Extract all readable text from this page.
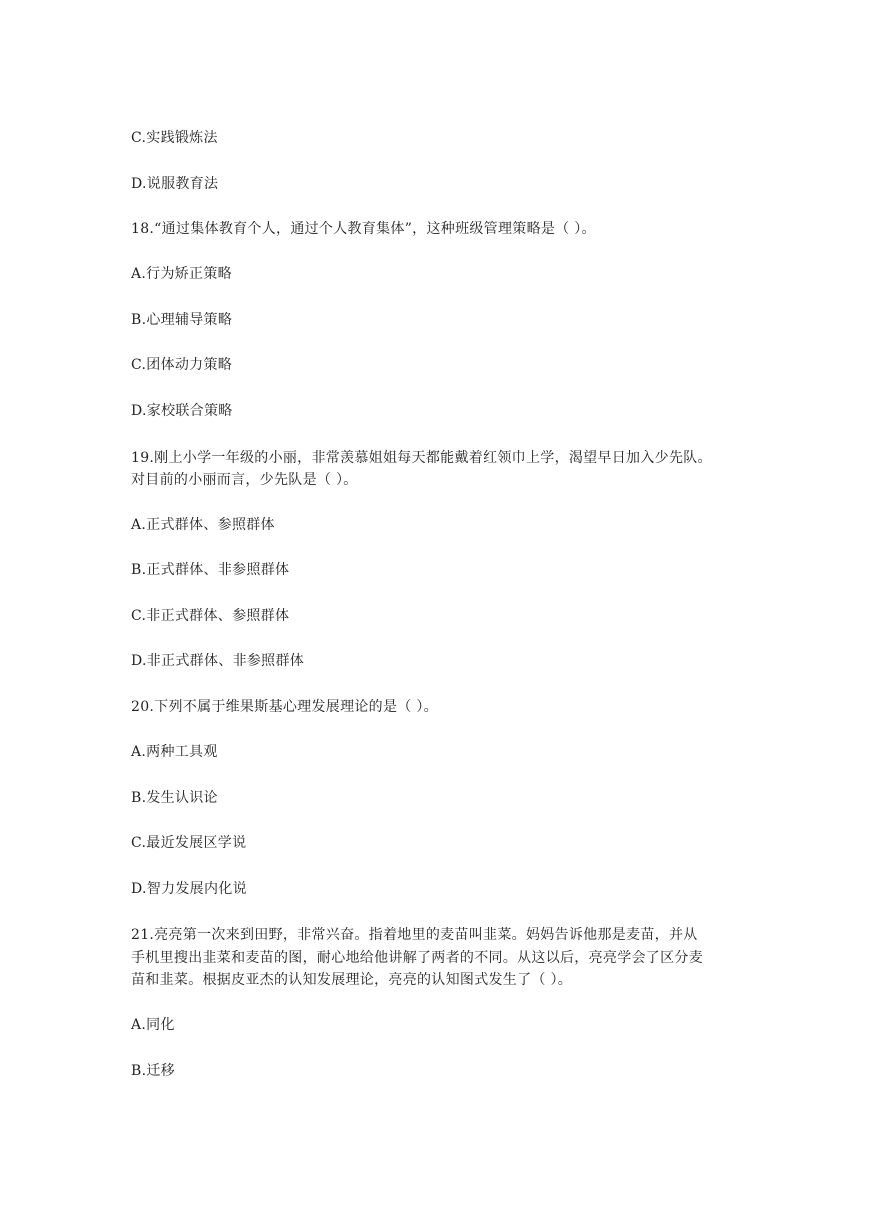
C.实践锻炼法
D.说服教育法
18.“通过集体教育个人，通过个人教育集体”，这种班级管理策略是（ ）。
A.行为矫正策略
B.心理辅导策略
C.团体动力策略
D.家校联合策略
19.刚上小学一年级的小丽，非常羡慕姐姐每天都能戴着红领巾上学，渴望早日加入少先队。
对目前的小丽而言，少先队是（ ）。
A.正式群体、参照群体
B.正式群体、非参照群体
C.非正式群体、参照群体
D.非正式群体、非参照群体
20.下列不属于维果斯基心理发展理论的是（ ）。
A.两种工具观
B.发生认识论
C.最近发展区学说
D.智力发展内化说
21.亮亮第一次来到田野，非常兴奋。指着地里的麦苗叫韭菜。妈妈告诉他那是麦苗，并从
手机里搜出韭菜和麦苗的图，耐心地给他讲解了两者的不同。从这以后，亮亮学会了区分麦
苗和韭菜。根据皮亚杰的认知发展理论，亮亮的认知图式发生了（ ）。
A.同化
B.迁移
